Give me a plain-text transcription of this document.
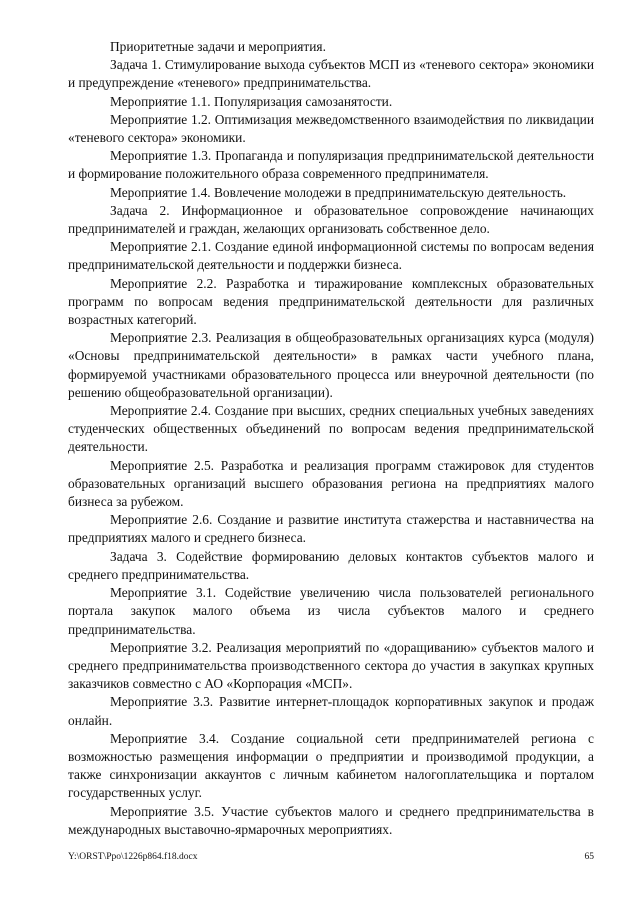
Приоритетные задачи и мероприятия.

Задача 1. Стимулирование выхода субъектов МСП из «теневого сектора» экономики и предупреждение «теневого» предпринимательства.

Мероприятие 1.1. Популяризация самозанятости.

Мероприятие 1.2. Оптимизация межведомственного взаимодействия по ликвидации «теневого сектора» экономики.

Мероприятие 1.3. Пропаганда и популяризация предпринимательской деятельности и формирование положительного образа современного предпринимателя.

Мероприятие 1.4. Вовлечение молодежи в предпринимательскую деятельность.

Задача 2. Информационное и образовательное сопровождение начинающих предпринимателей и граждан, желающих организовать собственное дело.

Мероприятие 2.1. Создание единой информационной системы по вопросам ведения предпринимательской деятельности и поддержки бизнеса.

Мероприятие 2.2. Разработка и тиражирование комплексных образовательных программ по вопросам ведения предпринимательской деятельности для различных возрастных категорий.

Мероприятие 2.3. Реализация в общеобразовательных организациях курса (модуля) «Основы предпринимательской деятельности» в рамках части учебного плана, формируемой участниками образовательного процесса или внеурочной деятельности (по решению общеобразовательной организации).

Мероприятие 2.4. Создание при высших, средних специальных учебных заведениях студенческих общественных объединений по вопросам ведения предпринимательской деятельности.

Мероприятие 2.5. Разработка и реализация программ стажировок для студентов образовательных организаций высшего образования региона на предприятиях малого бизнеса за рубежом.

Мероприятие 2.6. Создание и развитие института стажерства и наставничества на предприятиях малого и среднего бизнеса.

Задача 3. Содействие формированию деловых контактов субъектов малого и среднего предпринимательства.

Мероприятие 3.1. Содействие увеличению числа пользователей регионального портала закупок малого объема из числа субъектов малого и среднего предпринимательства.

Мероприятие 3.2. Реализация мероприятий по «доращиванию» субъектов малого и среднего предпринимательства производственного сектора до участия в закупках крупных заказчиков совместно с АО «Корпорация «МСП».

Мероприятие 3.3. Развитие интернет-площадок корпоративных закупок и продаж онлайн.

Мероприятие 3.4. Создание социальной сети предпринимателей региона с возможностью размещения информации о предприятии и производимой продукции, а также синхронизации аккаунтов с личным кабинетом налогоплательщика и порталом государственных услуг.

Мероприятие 3.5. Участие субъектов малого и среднего предпринимательства в международных выставочно-ярмарочных мероприятиях.

Y:\ORST\Ppo\1226p864.f18.docx	65
